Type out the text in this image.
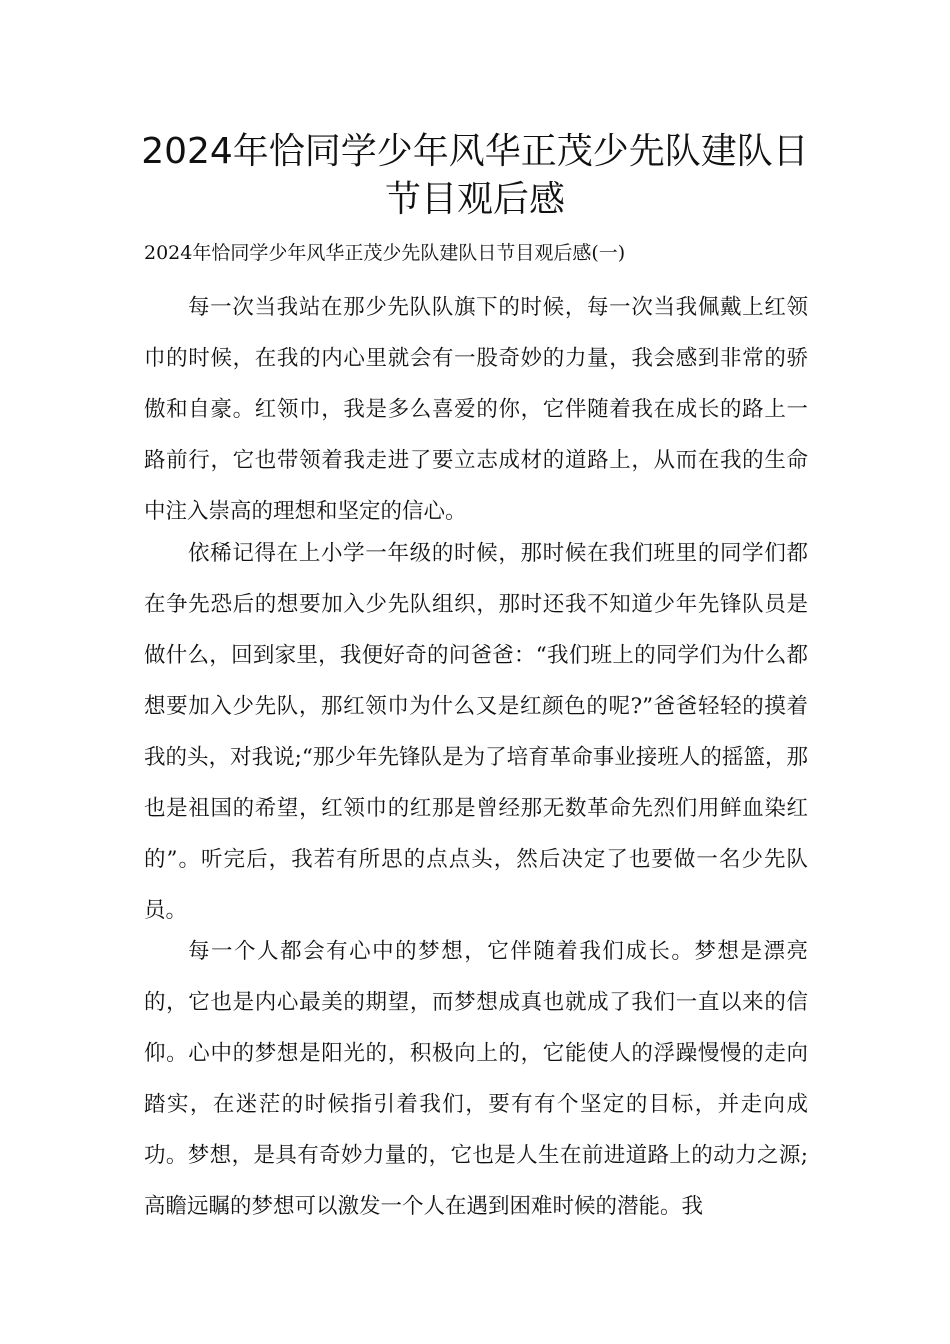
2024年恰同学少年风华正茂少先队建队日节目观后感

2024年恰同学少年风华正茂少先队建队日节目观后感(一)

每一次当我站在那少先队队旗下的时候，每一次当我佩戴上红领巾的时候，在我的内心里就会有一股奇妙的力量，我会感到非常的骄傲和自豪。红领巾，我是多么喜爱的你，它伴随着我在成长的路上一路前行，它也带领着我走进了要立志成材的道路上，从而在我的生命中注入崇高的理想和坚定的信心。

依稀记得在上小学一年级的时候，那时候在我们班里的同学们都在争先恐后的想要加入少先队组织，那时还我不知道少年先锋队员是做什么，回到家里，我便好奇的问爸爸：“我们班上的同学们为什么都想要加入少先队，那红领巾为什么又是红颜色的呢?”爸爸轻轻的摸着我的头，对我说;“那少年先锋队是为了培育革命事业接班人的摇篮，那也是祖国的希望，红领巾的红那是曾经那无数革命先烈们用鲜血染红的”。听完后，我若有所思的点点头，然后决定了也要做一名少先队员。

每一个人都会有心中的梦想，它伴随着我们成长。梦想是漂亮的，它也是内心最美的期望，而梦想成真也就成了我们一直以来的信仰。心中的梦想是阳光的，积极向上的，它能使人的浮躁慢慢的走向踏实，在迷茫的时候指引着我们，要有有个坚定的目标，并走向成功。梦想，是具有奇妙力量的，它也是人生在前进道路上的动力之源;高瞻远瞩的梦想可以激发一个人在遇到困难时候的潜能。我
